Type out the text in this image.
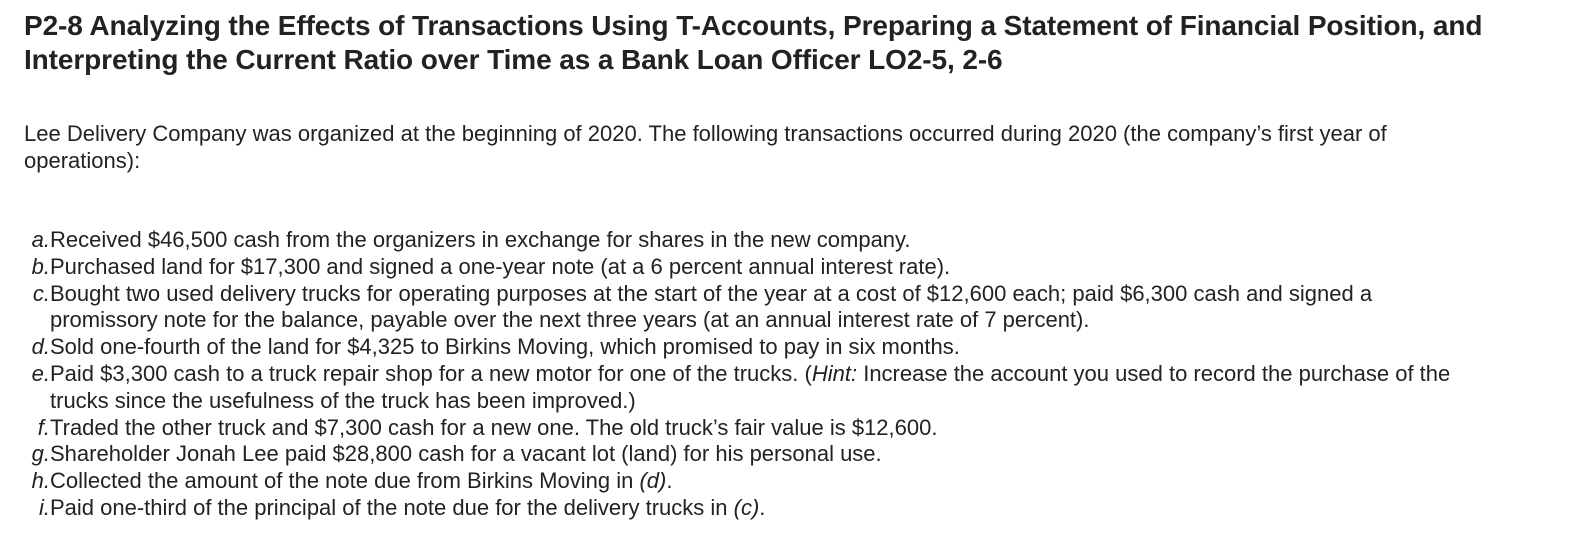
P2-8 Analyzing the Effects of Transactions Using T-Accounts, Preparing a Statement of Financial Position, and Interpreting the Current Ratio over Time as a Bank Loan Officer LO2-5, 2-6

Lee Delivery Company was organized at the beginning of 2020. The following transactions occurred during 2020 (the company’s first year of operations):

a. Received $46,500 cash from the organizers in exchange for shares in the new company.
b. Purchased land for $17,300 and signed a one-year note (at a 6 percent annual interest rate).
c. Bought two used delivery trucks for operating purposes at the start of the year at a cost of $12,600 each; paid $6,300 cash and signed a promissory note for the balance, payable over the next three years (at an annual interest rate of 7 percent).
d. Sold one-fourth of the land for $4,325 to Birkins Moving, which promised to pay in six months.
e. Paid $3,300 cash to a truck repair shop for a new motor for one of the trucks. (Hint: Increase the account you used to record the purchase of the trucks since the usefulness of the truck has been improved.)
f. Traded the other truck and $7,300 cash for a new one. The old truck’s fair value is $12,600.
g. Shareholder Jonah Lee paid $28,800 cash for a vacant lot (land) for his personal use.
h. Collected the amount of the note due from Birkins Moving in (d).
i. Paid one-third of the principal of the note due for the delivery trucks in (c).
